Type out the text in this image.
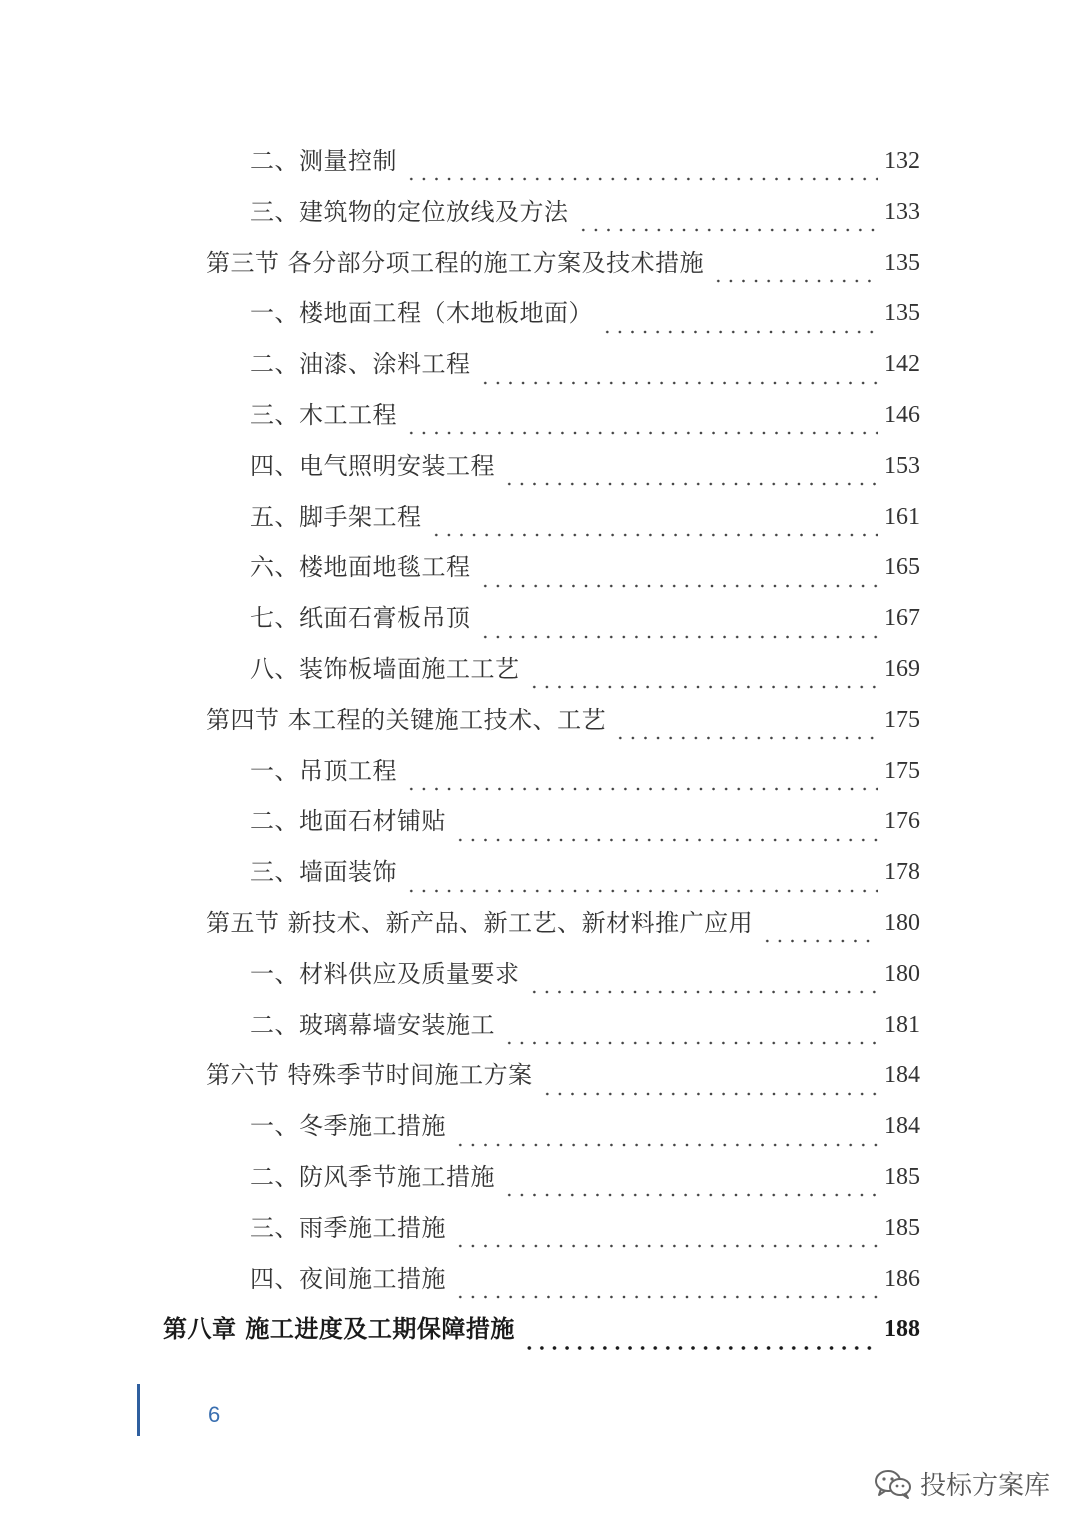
二、测量控制	132
三、建筑物的定位放线及方法	133
第三节 各分部分项工程的施工方案及技术措施	135
一、楼地面工程（木地板地面）	135
二、油漆、涂料工程	142
三、木工工程	146
四、电气照明安装工程	153
五、脚手架工程	161
六、楼地面地毯工程	165
七、纸面石膏板吊顶	167
八、装饰板墙面施工工艺	169
第四节 本工程的关键施工技术、工艺	175
一、吊顶工程	175
二、地面石材铺贴	176
三、墙面装饰	178
第五节 新技术、新产品、新工艺、新材料推广应用	180
一、材料供应及质量要求	180
二、玻璃幕墙安装施工	181
第六节 特殊季节时间施工方案	184
一、冬季施工措施	184
二、防风季节施工措施	185
三、雨季施工措施	185
四、夜间施工措施	186
第八章 施工进度及工期保障措施	188
6
投标方案库
